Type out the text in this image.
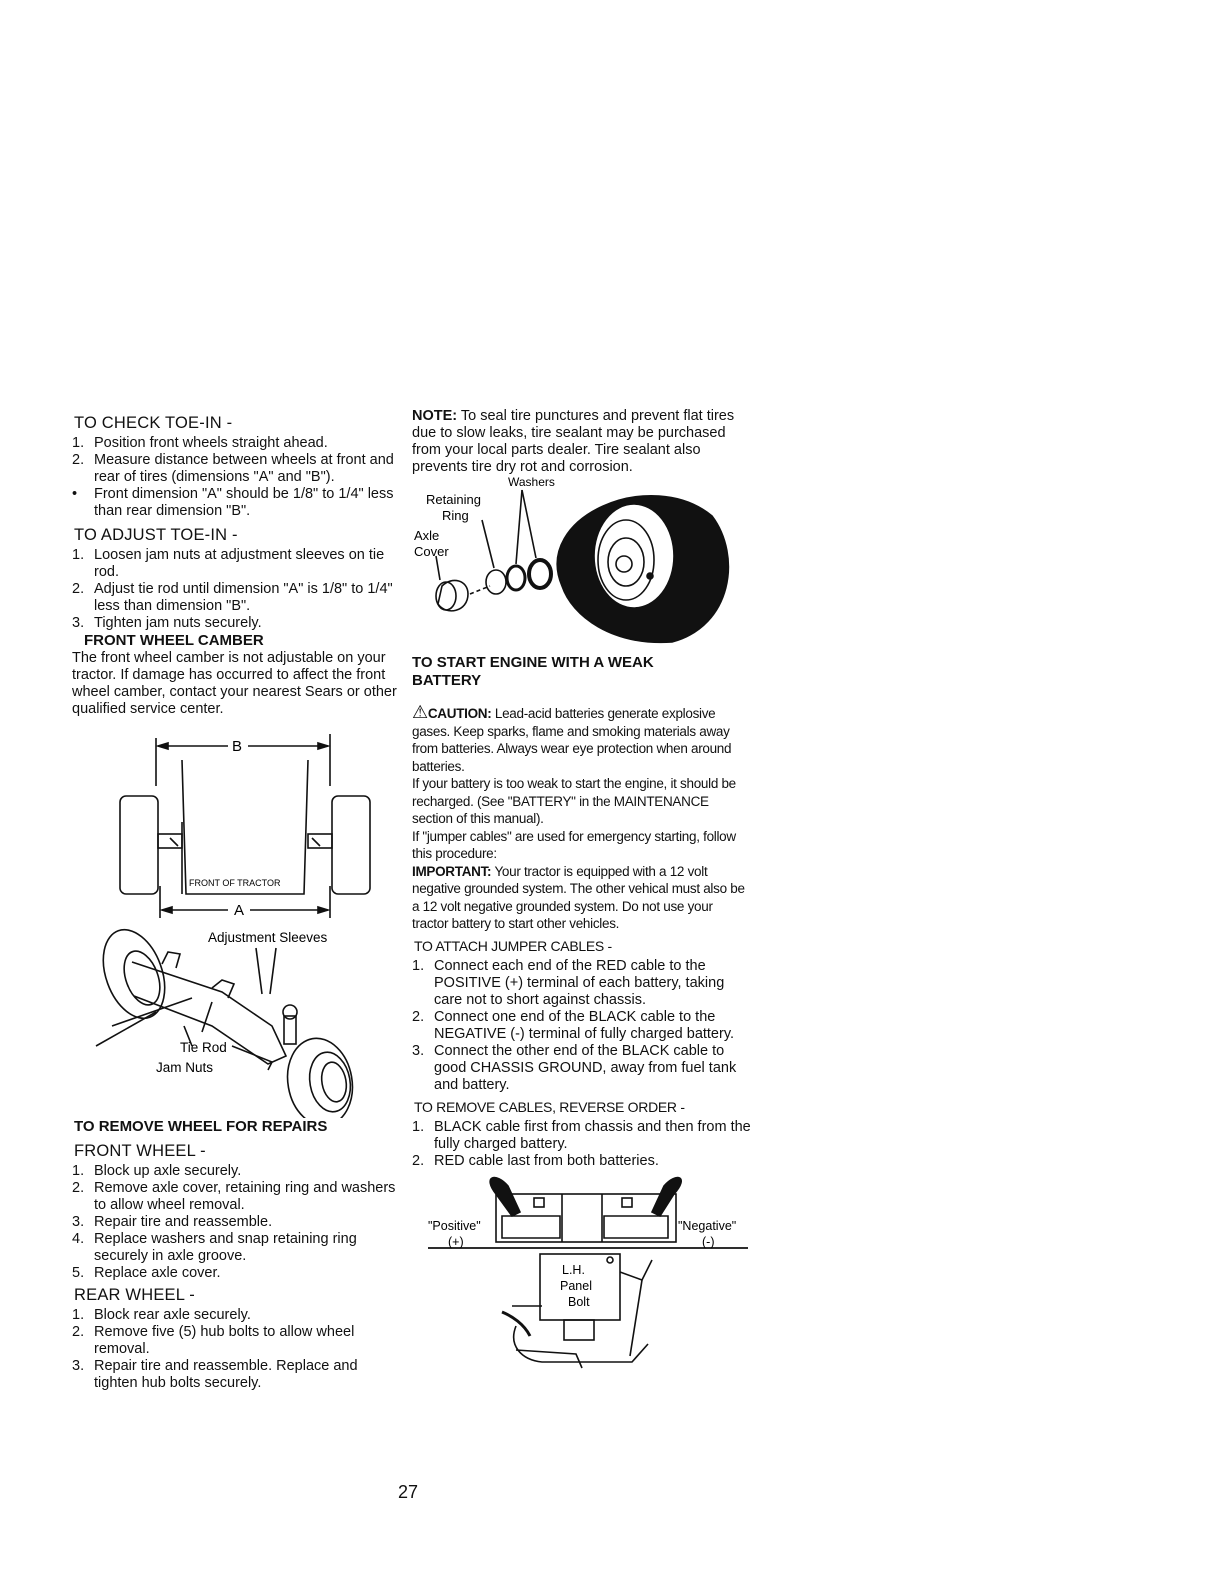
TO CHECK TOE-IN -
1. Position front wheels straight ahead.
2. Measure distance between wheels at front and rear of tires (dimensions "A" and "B").
•	Front dimension "A" should be 1/8" to 1/4" less than rear dimension "B".
TO ADJUST TOE-IN -
1. Loosen jam nuts at adjustment sleeves on tie rod.
2. Adjust tie rod until dimension "A" is 1/8" to 1/4" less than dimension "B".
3. Tighten jam nuts securely.
FRONT WHEEL CAMBER

The front wheel camber is not adjustable on your tractor. If damage has occurred to affect the front wheel camber, contact your nearest Sears or other qualified service center.

B
A
FRONT OF TRACTOR
Adjustment Sleeves
Tie Rod
Jam Nuts
TO REMOVE WHEEL FOR REPAIRS
FRONT WHEEL -
1. Block up axle securely.
2. Remove axle cover, retaining ring and washers to allow wheel removal.
3. Repair tire and reassemble.
4. Replace washers and snap retaining ring securely in axle groove.
5. Replace axle cover.
REAR WHEEL -
1. Block rear axle securely.
2. Remove five (5) hub bolts to allow wheel removal.
3. Repair tire and reassemble. Replace and tighten hub bolts securely.

NOTE: To seal tire punctures and prevent flat tires due to slow leaks, tire sealant may be purchased from your local parts dealer. Tire sealant also prevents tire dry rot and corrosion.

Washers
Retaining
Ring
Axle
Cover
TO START ENGINE WITH A WEAK BATTERY

⚠CAUTION: Lead-acid batteries generate explosive gases. Keep sparks, flame and smoking materials away from batteries. Always wear eye protection when around batteries.

If your battery is too weak to start the engine, it should be recharged. (See "BATTERY" in the MAINTENANCE section of this manual).

If "jumper cables" are used for emergency starting, follow this procedure:

IMPORTANT: Your tractor is equipped with a 12 volt negative grounded system. The other vehical must also be a 12 volt negative grounded system. Do not use your tractor battery to start other vehicles.

TO ATTACH JUMPER CABLES -
1. Connect each end of the RED cable to the POSITIVE (+) terminal of each battery, taking care not to short against chassis.
2. Connect one end of the BLACK cable to the NEGATIVE (-) terminal of fully charged battery.
3. Connect the other end of the BLACK cable to good CHASSIS GROUND, away from fuel tank and battery.
TO REMOVE CABLES, REVERSE ORDER -
1. BLACK cable first from chassis and then from the fully charged battery.
2. RED cable last from both batteries.
"Positive"
(+)
"Negative"
(-)
L.H.
Panel
Bolt
27
